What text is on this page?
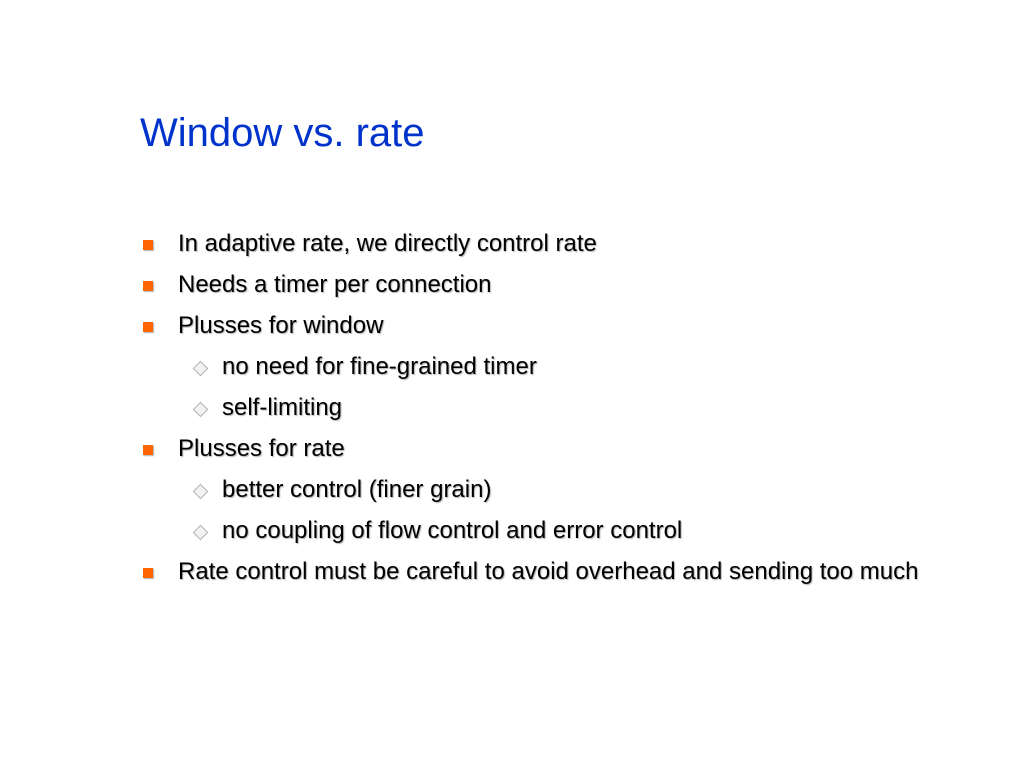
Window vs. rate
In adaptive rate, we directly control rate
Needs a timer per connection
Plusses for window
no need for fine-grained timer
self-limiting
Plusses for rate
better control (finer grain)
no coupling of flow control and error control
Rate control must be careful to avoid overhead and sending too much
